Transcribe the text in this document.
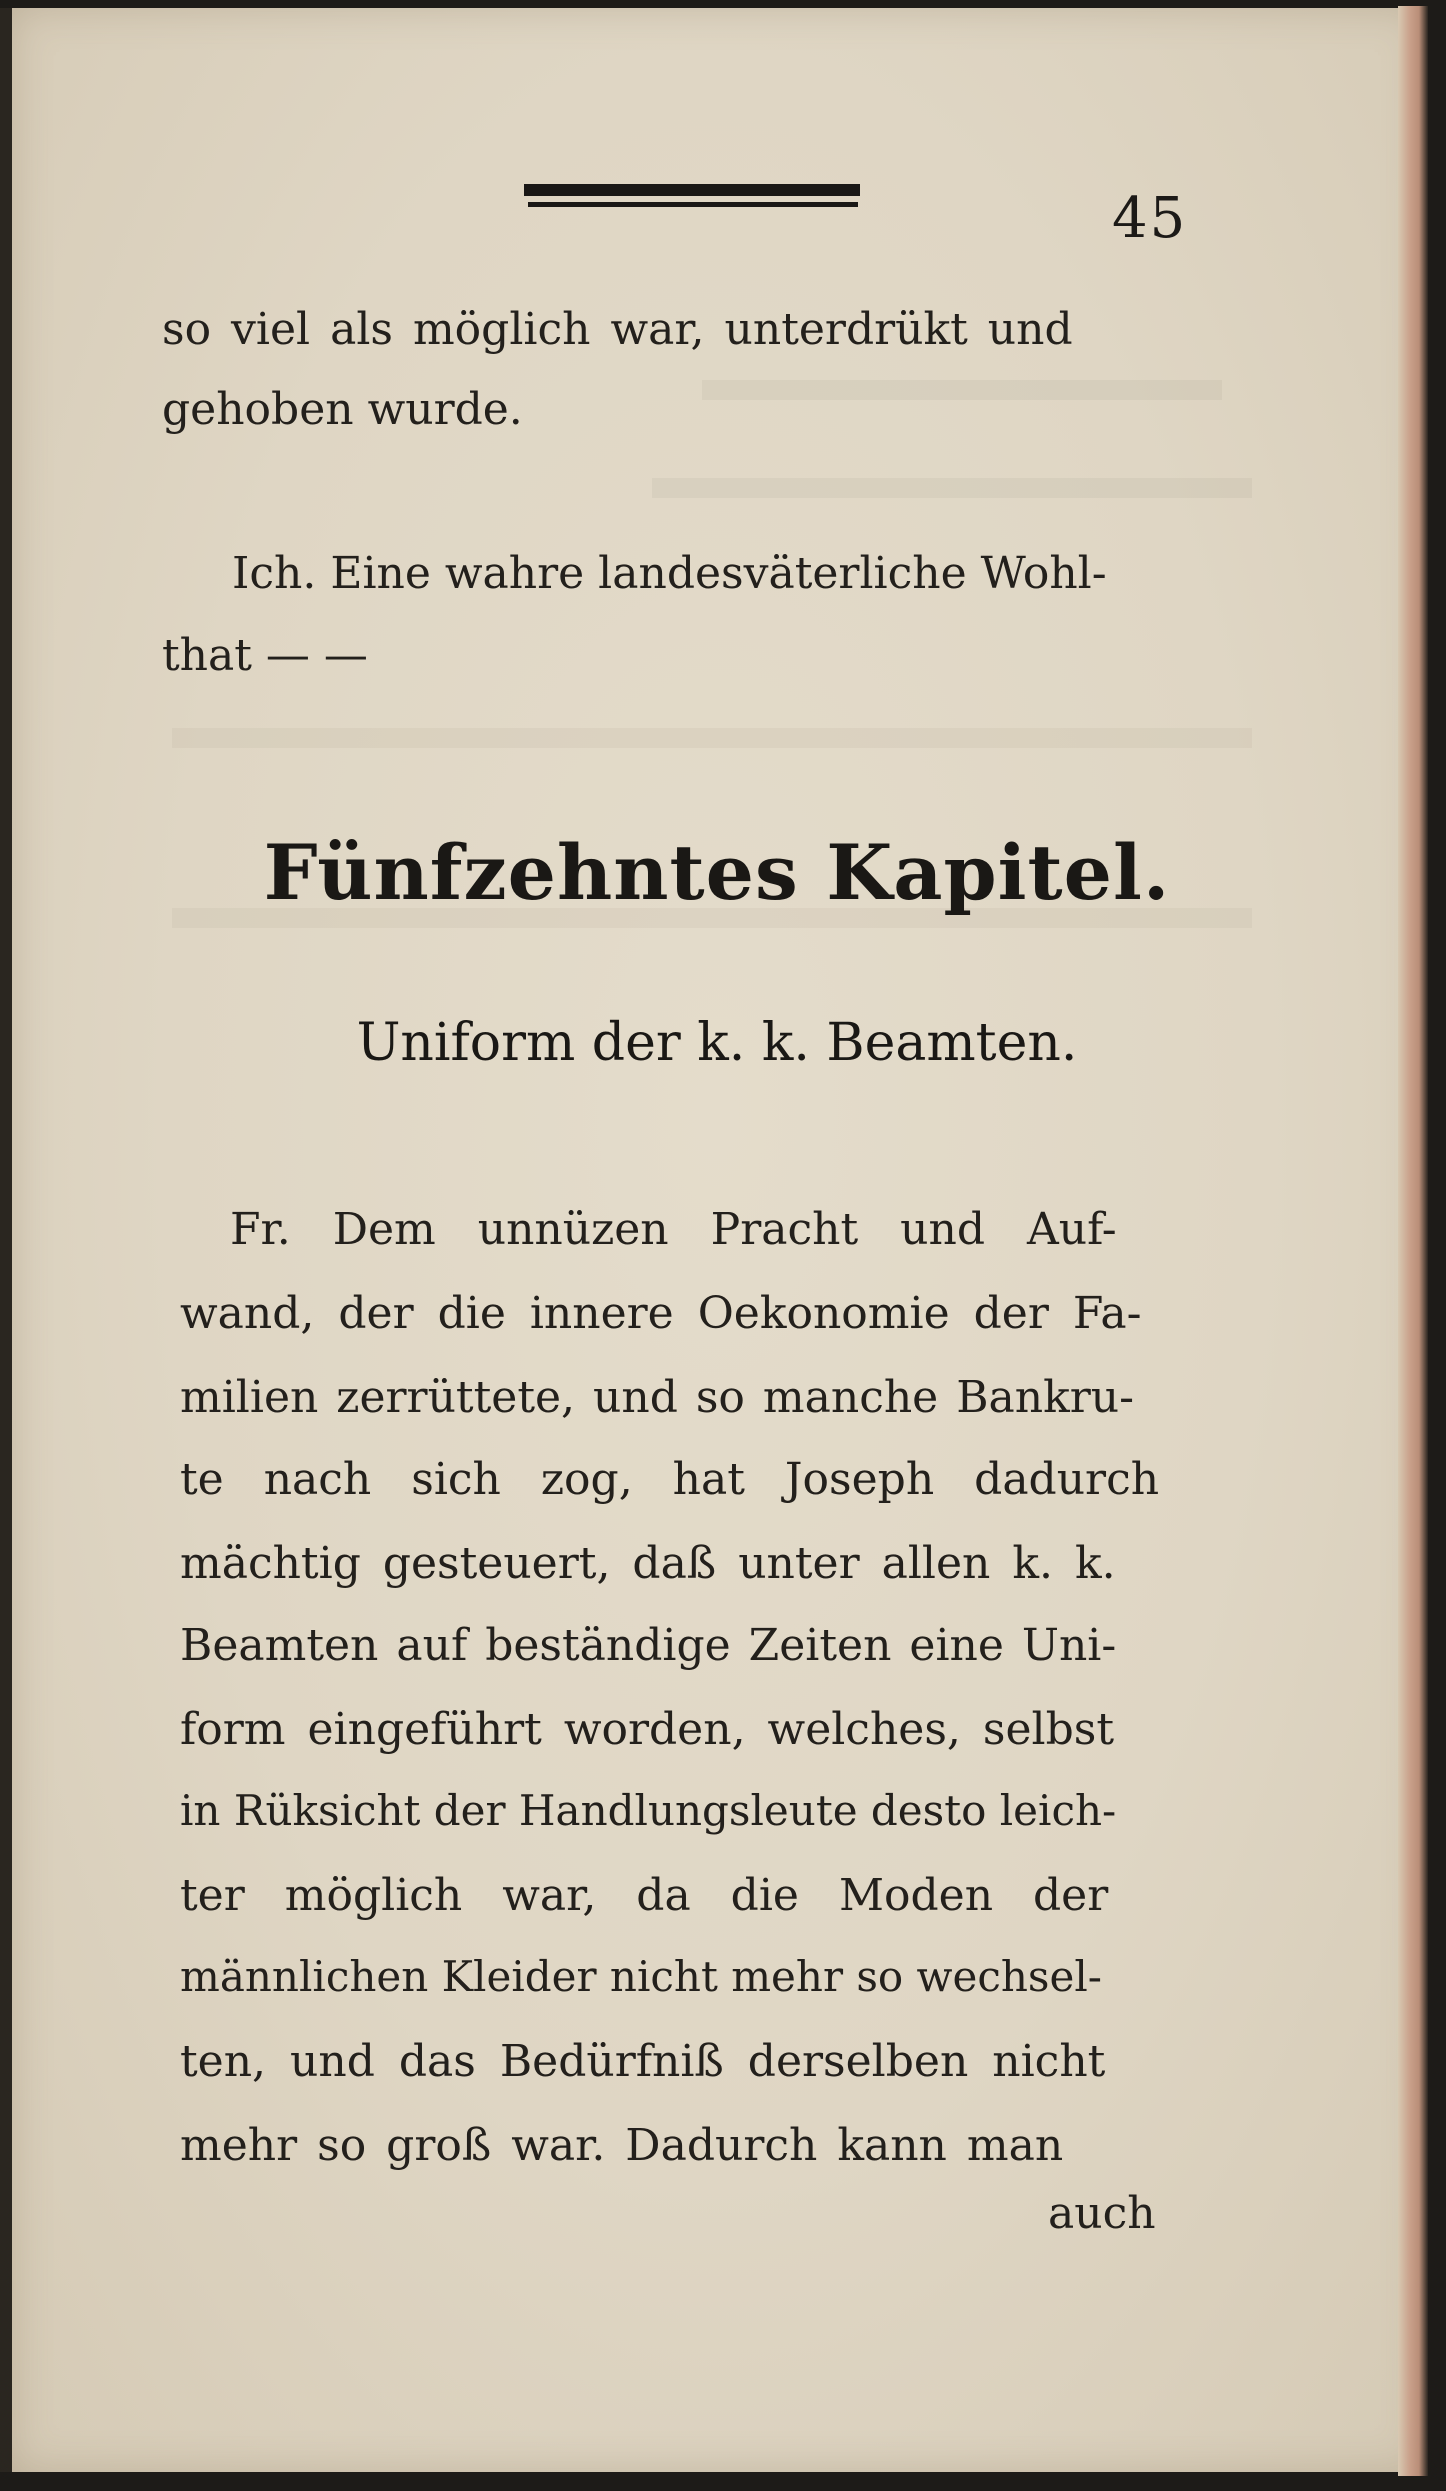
45
so viel als möglich war, unterdrükt und
gehoben wurde.
Ich. Eine wahre landesväterliche Wohl-
that — —
Fünfzehntes Kapitel.
Uniform der k. k. Beamten.
Fr. Dem unnüzen Pracht und Auf-
wand, der die innere Oekonomie der Fa-
milien zerrüttete, und so manche Bankru-
te nach sich zog, hat Joseph dadurch
mächtig gesteuert, daß unter allen k. k.
Beamten auf beständige Zeiten eine Uni-
form eingeführt worden, welches, selbst
in Rüksicht der Handlungsleute desto leich-
ter möglich war, da die Moden der
männlichen Kleider nicht mehr so wechsel-
ten, und das Bedürfniß derselben nicht
mehr so groß war. Dadurch kann man
auch
